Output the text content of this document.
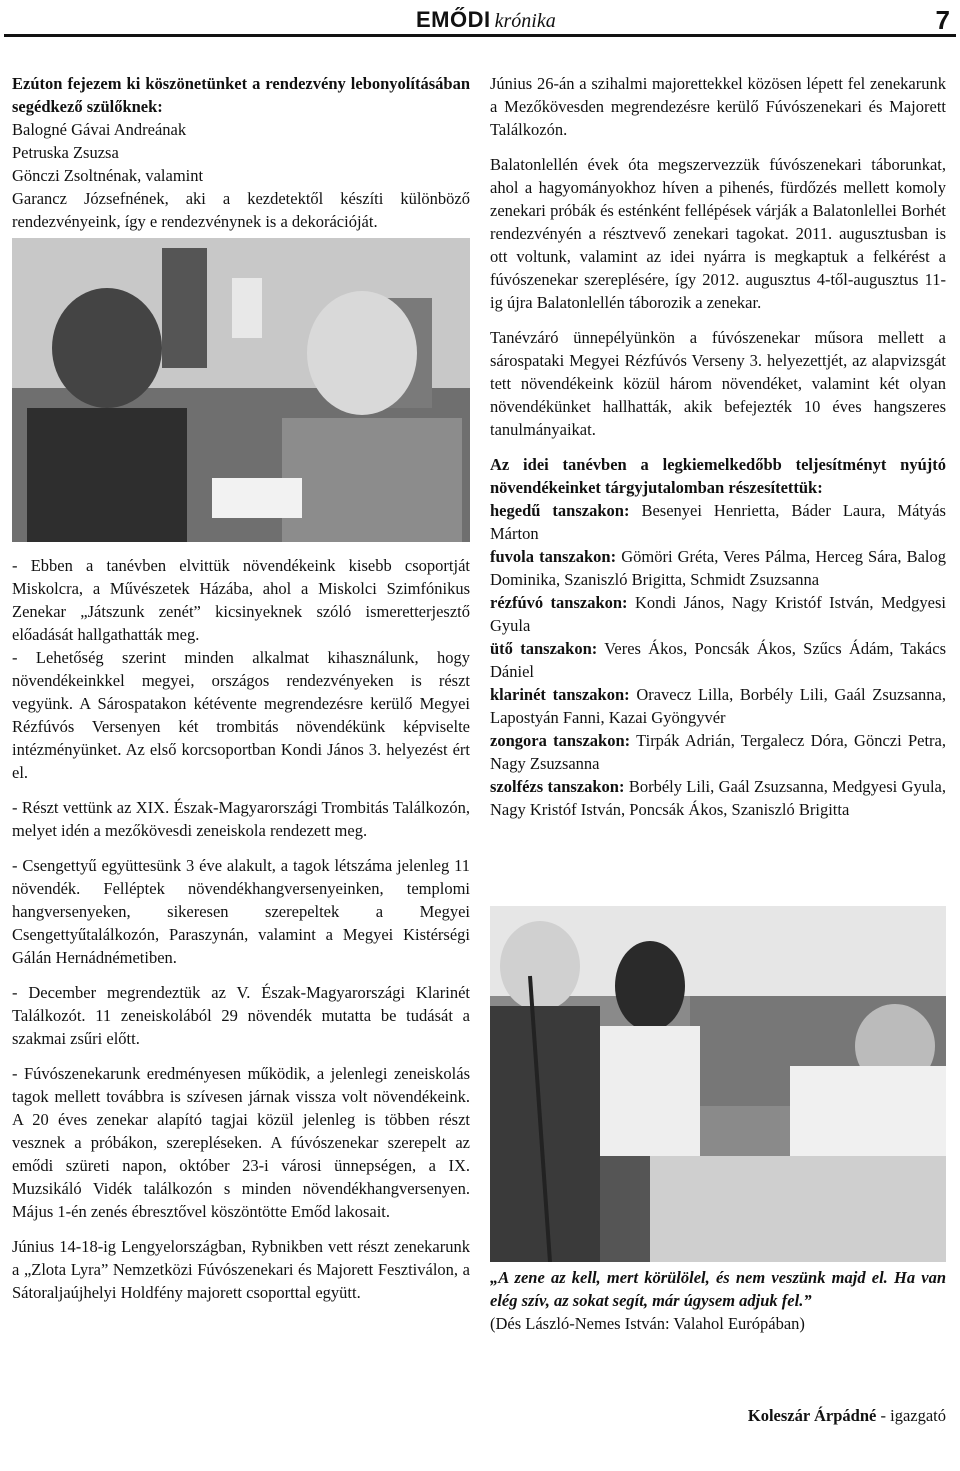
EMŐDI krónika	7

Ezúton fejezem ki köszönetünket a rendezvény lebonyolításában segédkező szülőknek:

Balogné Gávai Andreának

Petruska Zsuzsa

Gönczi Zsoltnénak, valamint

Garancz Józsefnének, aki a kezdetektől készíti különböző rendezvényeink, így e rendezvénynek is a dekorációját.

- Ebben a tanévben elvittük növendékeink kisebb csoportját Miskolcra, a Művészetek Házába, ahol a Miskolci Szimfónikus Zenekar „Játszunk zenét” kicsinyeknek szóló ismeretterjesztő előadását hallgathatták meg.

- Lehetőség szerint minden alkalmat kihasználunk, hogy növendékeinkkel megyei, országos rendezvényeken is részt vegyünk. A Sárospatakon kétévente megrendezésre kerülő Megyei Rézfúvós Versenyen két trombitás növendékünk képviselte intézményünket. Az első korcsoportban Kondi János 3. helyezést ért el.

- Részt vettünk az XIX. Észak-Magyarországi Trombitás Találkozón, melyet idén a mezőkövesdi zeneiskola rendezett meg.

- Csengettyű együttesünk 3 éve alakult, a tagok létszáma jelenleg 11 növendék. Felléptek növendékhangversenyeinken, templomi hangversenyeken, sikeresen szerepeltek a Megyei Csengettyűtalálkozón, Paraszynán, valamint a Megyei Kistérségi Gálán Hernádnémetiben.

- December megrendeztük az V. Észak-Magyarországi Klarinét Találkozót. 11 zeneiskolából 29 növendék mutatta be tudását a szakmai zsűri előtt.

- Fúvószenekarunk eredményesen működik, a jelenlegi zeneiskolás tagok mellett továbbra is szívesen járnak vissza volt növendékeink. A 20 éves zenekar alapító tagjai közül jelenleg is többen részt vesznek a próbákon, szerepléseken. A fúvószenekar szerepelt az emődi szüreti napon, október 23-i városi ünnepségen, a IX. Muzsikáló Vidék találkozón s minden növendékhangversenyen. Május 1-én zenés ébresztővel köszöntötte Emőd lakosait.

Június 14-18-ig Lengyelországban, Rybnikben vett részt zenekarunk a „Zlota Lyra” Nemzetközi Fúvószenekari és Majorett Fesztiválon, a Sátoraljaújhelyi Holdfény majorett csoporttal együtt.

Június 26-án a szihalmi majorettekkel közösen lépett fel zenekarunk a Mezőkövesden megrendezésre kerülő Fúvószenekari és Majorett Találkozón.

Balatonlellén évek óta megszervezzük fúvószenekari táborunkat, ahol a hagyományokhoz híven a pihenés, fürdőzés mellett komoly zenekari próbák és esténként fellépések várják a Balatonlellei Borhét rendezvényén a résztvevő zenekari tagokat. 2011. augusztusban is ott voltunk, valamint az idei nyárra is megkaptuk a felkérést a fúvószenekar szereplésére, így 2012. augusztus 4-től-augusztus 11-ig újra Balatonlellén táborozik a zenekar.

Tanévzáró ünnepélyünkön a fúvószenekar műsora mellett a sárospataki Megyei Rézfúvós Verseny 3. helyezettjét, az alapvizsgát tett növendékeink közül három növendéket, valamint két olyan növendékünket hallhatták, akik befejezték 10 éves hangszeres tanulmányaikat.

Az idei tanévben a legkiemelkedőbb teljesítményt nyújtó növendékeinket tárgyjutalomban részesítettük:

hegedű tanszakon: Besenyei Henrietta, Báder Laura, Mátyás Márton

fuvola tanszakon: Gömöri Gréta, Veres Pálma, Herceg Sára, Balog Dominika, Szaniszló Brigitta, Schmidt Zsuzsanna

rézfúvó tanszakon: Kondi János, Nagy Kristóf István, Medgyesi Gyula

ütő tanszakon: Veres Ákos, Poncsák Ákos, Szűcs Ádám, Takács Dániel

klarinét tanszakon: Oravecz Lilla, Borbély Lili, Gaál Zsuzsanna, Lapostyán Fanni, Kazai Gyöngyvér

zongora tanszakon: Tirpák Adrián, Tergalecz Dóra, Gönczi Petra, Nagy Zsuzsanna

szolfézs tanszakon: Borbély Lili, Gaál Zsuzsanna, Medgyesi Gyula, Nagy Kristóf István, Poncsák Ákos, Szaniszló Brigitta

„A zene az kell, mert körülölel, és nem veszünk majd el. Ha van elég szív, az sokat segít, már úgysem adjuk fel.”

(Dés László-Nemes István: Valahol Európában)

Koleszár Árpádné - igazgató
